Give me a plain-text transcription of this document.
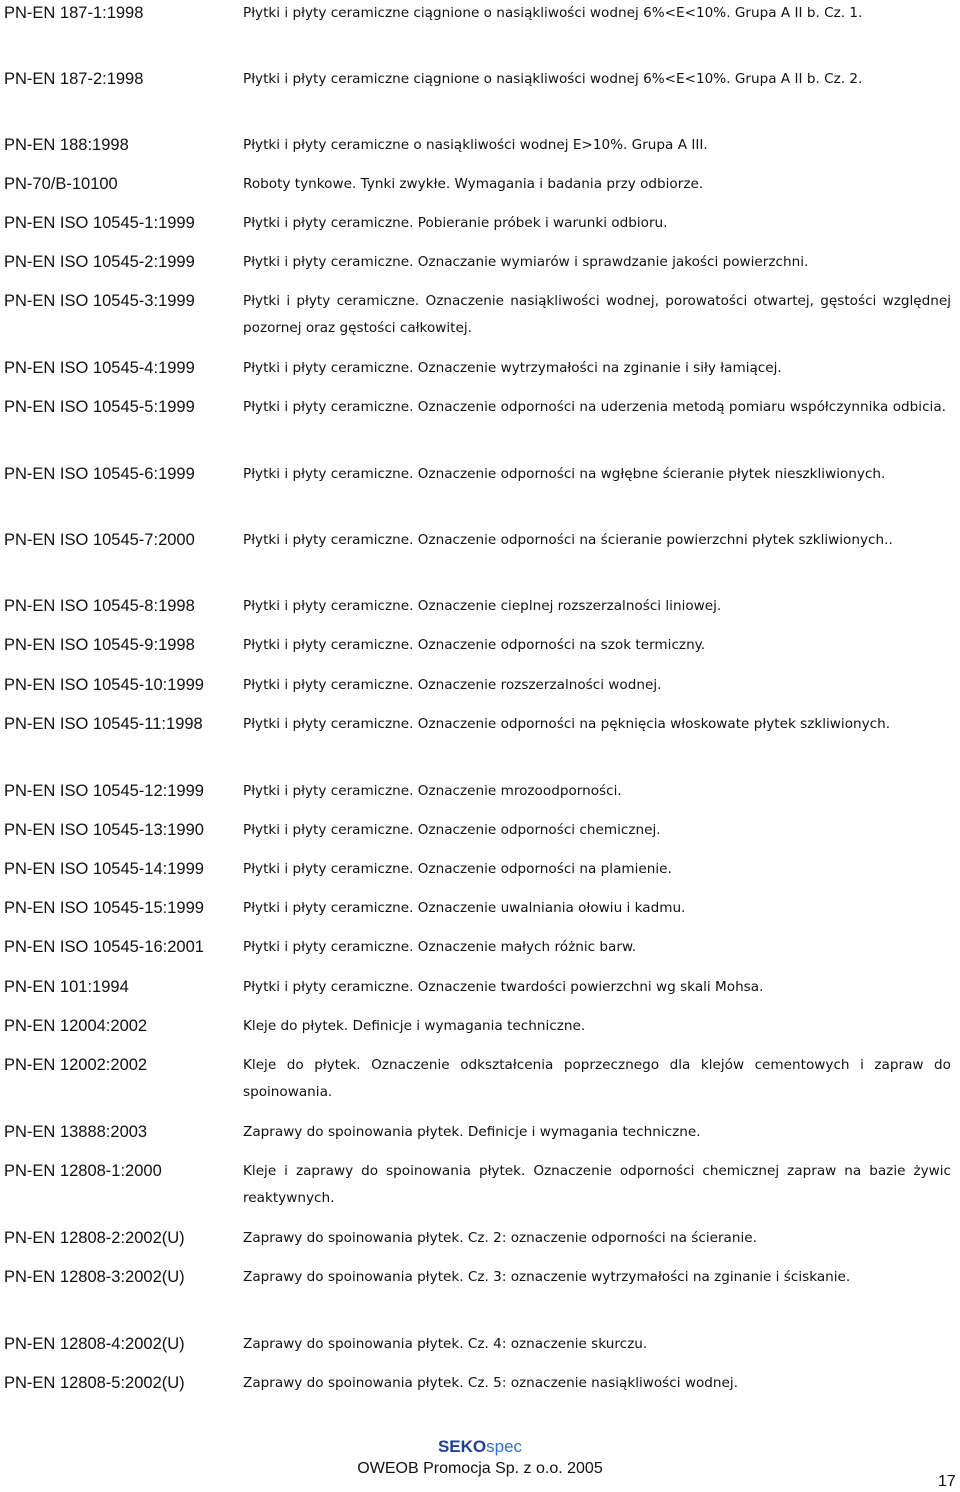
PN-EN 187-1:1998	Płytki i płyty ceramiczne ciągnione o nasiąkliwości wodnej 6%<E<10%. Grupa A II b. Cz. 1.
PN-EN 187-2:1998	Płytki i płyty ceramiczne ciągnione o nasiąkliwości wodnej 6%<E<10%. Grupa A II b. Cz. 2.
PN-EN 188:1998	Płytki i płyty ceramiczne o nasiąkliwości wodnej E>10%. Grupa A III.
PN-70/B-10100	Roboty tynkowe. Tynki zwykłe. Wymagania i badania przy odbiorze.
PN-EN ISO 10545-1:1999	Płytki i płyty ceramiczne. Pobieranie próbek i warunki odbioru.
PN-EN ISO 10545-2:1999	Płytki i płyty ceramiczne. Oznaczanie wymiarów i sprawdzanie jakości powierzchni.
PN-EN ISO 10545-3:1999	Płytki i płyty ceramiczne. Oznaczenie nasiąkliwości wodnej, porowatości otwartej, gęstości względnej pozornej oraz gęstości całkowitej.
PN-EN ISO 10545-4:1999	Płytki i płyty ceramiczne. Oznaczenie wytrzymałości na zginanie i siły łamiącej.
PN-EN ISO 10545-5:1999	Płytki i płyty ceramiczne. Oznaczenie odporności na uderzenia metodą pomiaru współczynnika odbicia.
PN-EN ISO 10545-6:1999	Płytki i płyty ceramiczne. Oznaczenie odporności na wgłębne ścieranie płytek nieszkliwionych.
PN-EN ISO 10545-7:2000	Płytki i płyty ceramiczne. Oznaczenie odporności na ścieranie powierzchni płytek szkliwionych..
PN-EN ISO 10545-8:1998	Płytki i płyty ceramiczne. Oznaczenie cieplnej rozszerzalności liniowej.
PN-EN ISO 10545-9:1998	Płytki i płyty ceramiczne. Oznaczenie odporności na szok termiczny.
PN-EN ISO 10545-10:1999	Płytki i płyty ceramiczne. Oznaczenie rozszerzalności wodnej.
PN-EN ISO 10545-11:1998	Płytki i płyty ceramiczne. Oznaczenie odporności na pęknięcia włoskowate płytek szkliwionych.
PN-EN ISO 10545-12:1999	Płytki i płyty ceramiczne. Oznaczenie mrozoodporności.
PN-EN ISO 10545-13:1990	Płytki i płyty ceramiczne. Oznaczenie odporności chemicznej.
PN-EN ISO 10545-14:1999	Płytki i płyty ceramiczne. Oznaczenie odporności na plamienie.
PN-EN ISO 10545-15:1999	Płytki i płyty ceramiczne. Oznaczenie uwalniania ołowiu i kadmu.
PN-EN ISO 10545-16:2001	Płytki i płyty ceramiczne. Oznaczenie małych różnic barw.
PN-EN 101:1994	Płytki i płyty ceramiczne. Oznaczenie twardości powierzchni wg skali Mohsa.
PN-EN 12004:2002	Kleje do płytek. Definicje i wymagania techniczne.
PN-EN 12002:2002	Kleje do płytek. Oznaczenie odkształcenia poprzecznego dla klejów cementowych i zapraw do spoinowania.
PN-EN 13888:2003	Zaprawy do spoinowania płytek. Definicje i wymagania techniczne.
PN-EN 12808-1:2000	Kleje i zaprawy do spoinowania płytek. Oznaczenie odporności chemicznej zapraw na bazie żywic reaktywnych.
PN-EN 12808-2:2002(U)	Zaprawy do spoinowania płytek. Cz. 2: oznaczenie odporności na ścieranie.
PN-EN 12808-3:2002(U)	Zaprawy do spoinowania płytek. Cz. 3: oznaczenie wytrzymałości na zginanie i ściskanie.
PN-EN 12808-4:2002(U)	Zaprawy do spoinowania płytek. Cz. 4: oznaczenie skurczu.
PN-EN 12808-5:2002(U)	Zaprawy do spoinowania płytek. Cz. 5: oznaczenie nasiąkliwości wodnej.
SEKOspec
OWEOB Promocja Sp. z o.o. 2005
17
